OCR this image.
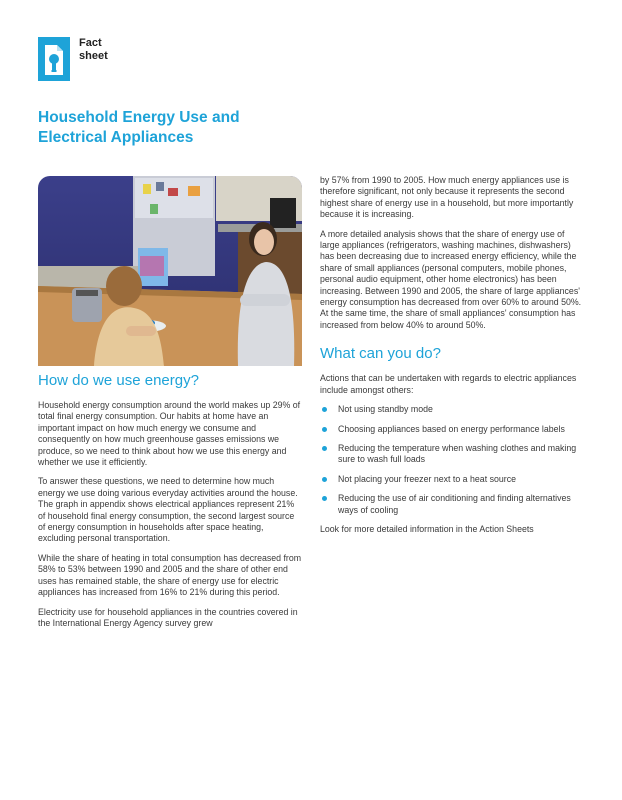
Fact
sheet
Household Energy Use and
Electrical Appliances
How do we use energy?

Household energy consumption around the world makes up 29% of total final energy consumption. Our habits at home have an important impact on how much energy we consume and consequently on how much greenhouse gasses emissions we produce, so we need to think about how we use this energy and whether we use it efficiently.

To answer these questions, we need to determine how much energy we use doing various everyday activities around the house. The graph in appendix shows electrical appliances represent 21% of household final energy consumption, the second largest source of energy consumption in households after space heating, excluding personal transportation.

While the share of heating in total consumption has decreased from 58% to 53% between 1990 and 2005 and the share of other end uses has remained stable, the share of energy use for electric appliances has increased from 16% to 21% during this period.

Electricity use for household appliances in the countries covered in the International Energy Agency survey grew

by 57% from 1990 to 2005. How much energy appliances use is therefore significant, not only because it represents the second highest share of energy use in a household, but more importantly because it is increasing.

A more detailed analysis shows that the share of energy use of large appliances (refrigerators, washing machines, dishwashers) has been decreasing due to increased energy efficiency, while the share of small appliances (personal computers, mobile phones, personal audio equipment, other home electronics) has been increasing. Between 1990 and 2005, the share of large appliances' energy consumption has decreased from over 60% to around 50%. At the same time, the share of small appliances' consumption has increased from below 40% to around 50%.

What can you do?

Actions that can be undertaken with regards to electric appliances include amongst others:

Not using standby mode
Choosing appliances based on energy performance labels
Reducing the temperature when washing clothes and making sure to wash full loads
Not placing your freezer next to a heat source
Reducing the use of air conditioning and finding alternatives ways of cooling

Look for more detailed information in the Action Sheets
